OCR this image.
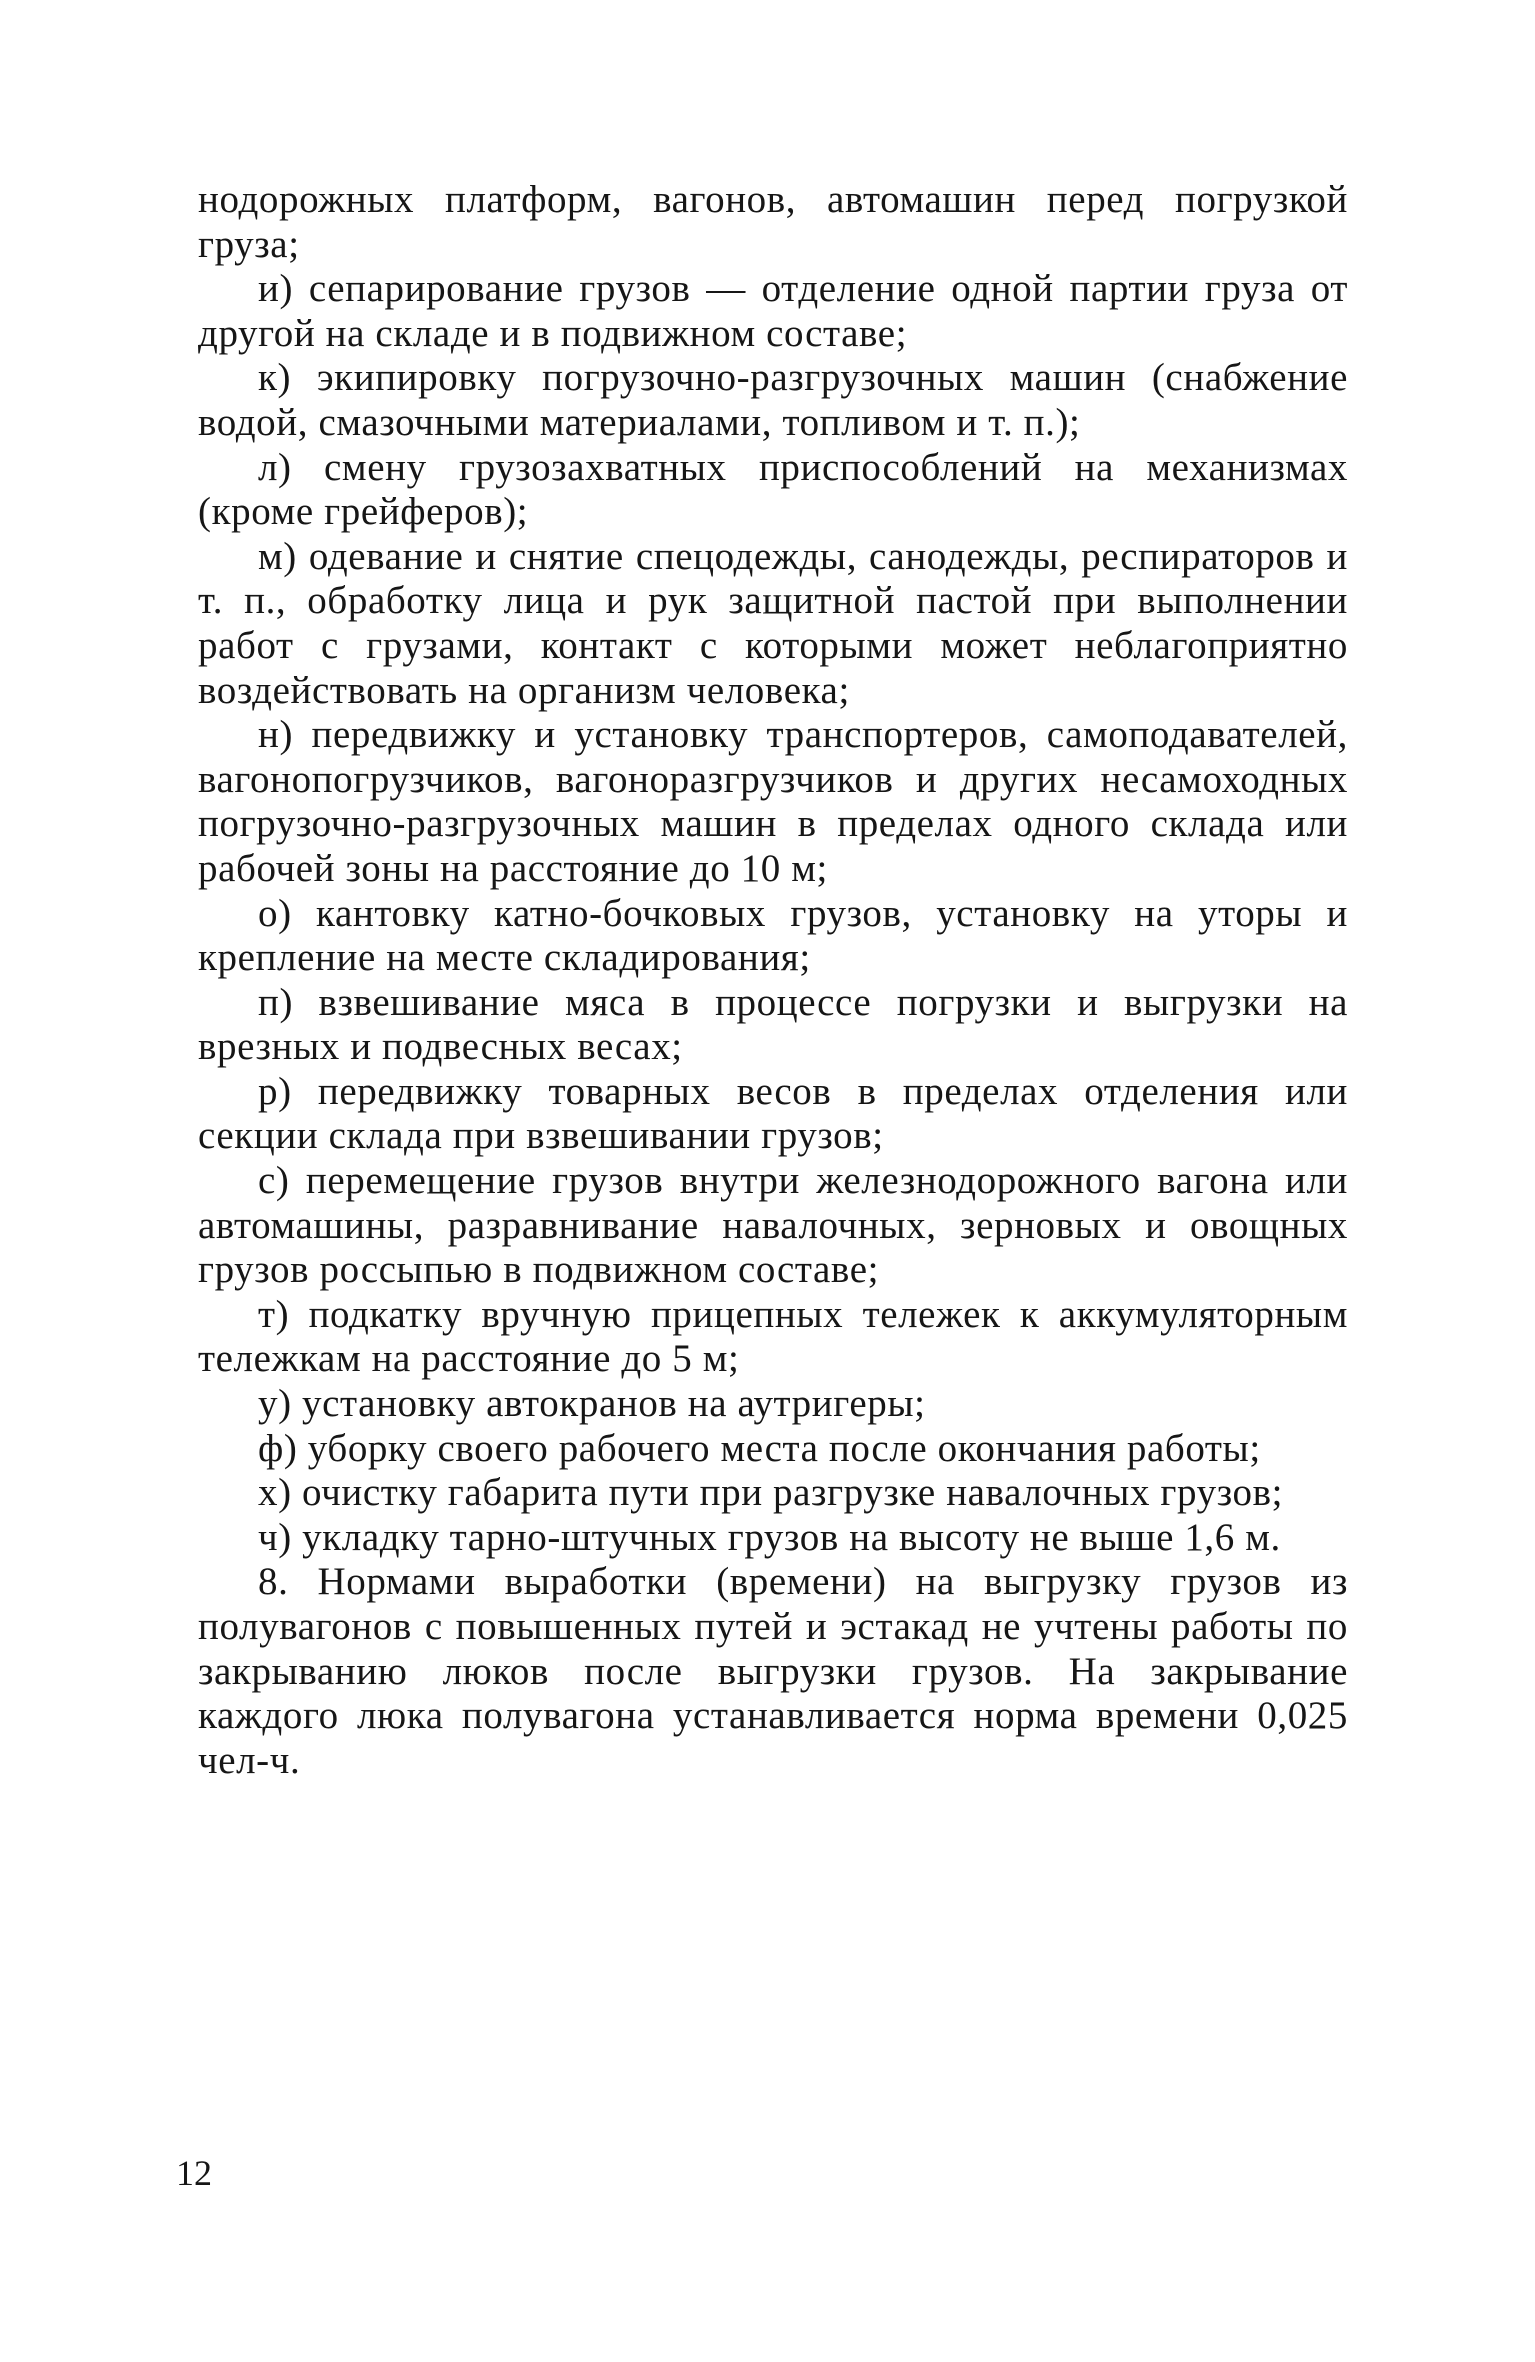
нодорожных платформ, вагонов, автомашин перед погрузкой груза;

и) сепарирование грузов — отделение одной партии груза от другой на складе и в подвижном составе;

к) экипировку погрузочно-разгрузочных машин (снабжение водой, смазочными материалами, топливом и т. п.);

л) смену грузозахватных приспособлений на механизмах (кроме грейферов);

м) одевание и снятие спецодежды, санодежды, респираторов и т. п., обработку лица и рук защитной пастой при выполнении работ с грузами, контакт с которыми может неблагоприятно воздействовать на организм человека;

н) передвижку и установку транспортеров, самоподавателей, вагонопогрузчиков, вагоноразгрузчиков и других несамоходных погрузочно-разгрузочных машин в пределах одного склада или рабочей зоны на расстояние до 10 м;

о) кантовку катно-бочковых грузов, установку на уторы и крепление на месте складирования;

п) взвешивание мяса в процессе погрузки и выгрузки на врезных и подвесных весах;

р) передвижку товарных весов в пределах отделения или секции склада при взвешивании грузов;

с) перемещение грузов внутри железнодорожного вагона или автомашины, разравнивание навалочных, зерновых и овощных грузов россыпью в подвижном составе;

т) подкатку вручную прицепных тележек к аккумуляторным тележкам на расстояние до 5 м;

у) установку автокранов на аутригеры;

ф) уборку своего рабочего места после окончания работы;

х) очистку габарита пути при разгрузке навалочных грузов;

ч) укладку тарно-штучных грузов на высоту не выше 1,6 м.

8. Нормами выработки (времени) на выгрузку грузов из полувагонов с повышенных путей и эстакад не учтены работы по закрыванию люков после выгрузки грузов. На закрывание каждого люка полувагона устанавливается норма времени 0,025 чел-ч.

12
